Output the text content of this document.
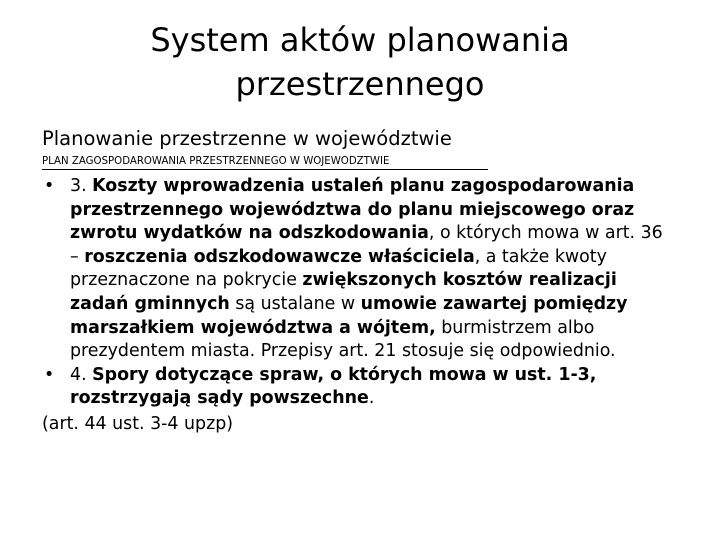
System aktów planowania przestrzennego
Planowanie przestrzenne w województwie
PLAN ZAGOSPODAROWANIA PRZESTRZENNEGO W WOJEWÓDZTWIE
• 3. Koszty wprowadzenia ustaleń planu zagospodarowania przestrzennego województwa do planu miejscowego oraz zwrotu wydatków na odszkodowania, o których mowa w art. 36 – roszczenia odszkodowawcze właściciela, a także kwoty przeznaczone na pokrycie zwiększonych kosztów realizacji zadań gminnych są ustalane w umowie zawartej pomiędzy marszałkiem województwa a wójtem, burmistrzem albo prezydentem miasta. Przepisy art. 21 stosuje się odpowiednio.

• 4. Spory dotyczące spraw, o których mowa w ust. 1-3, rozstrzygają sądy powszechne.

(art. 44 ust. 3-4 upzp)
